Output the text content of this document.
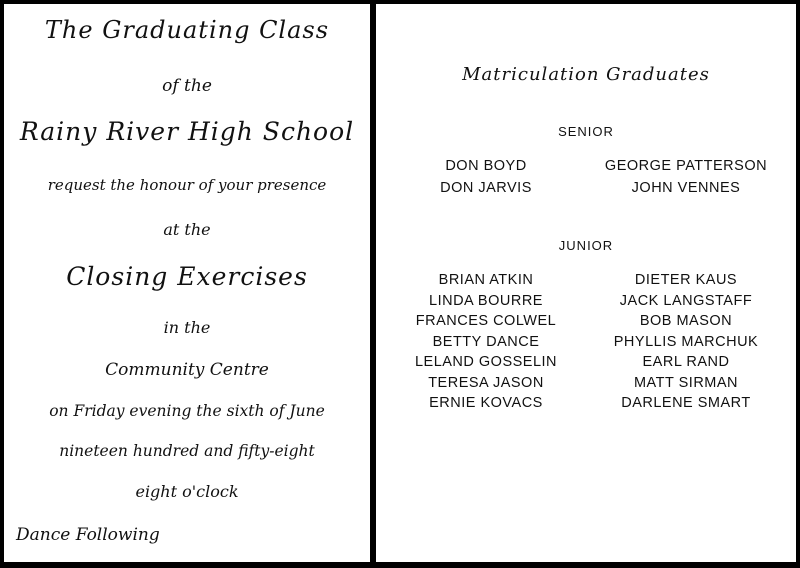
The Graduating Class
of the
Rainy River High School
request the honour of your presence
at the
Closing Exercises
in the
Community Centre
on Friday evening the sixth of June
nineteen hundred and fifty-eight
eight o'clock
Dance Following
Matriculation Graduates
SENIOR
DON BOYD
DON JARVIS
GEORGE PATTERSON
JOHN VENNES
JUNIOR
BRIAN ATKIN
LINDA BOURRE
FRANCES COLWEL
BETTY DANCE
LELAND GOSSELIN
TERESA JASON
ERNIE KOVACS
DIETER KAUS
JACK LANGSTAFF
BOB MASON
PHYLLIS MARCHUK
EARL RAND
MATT SIRMAN
DARLENE SMART
